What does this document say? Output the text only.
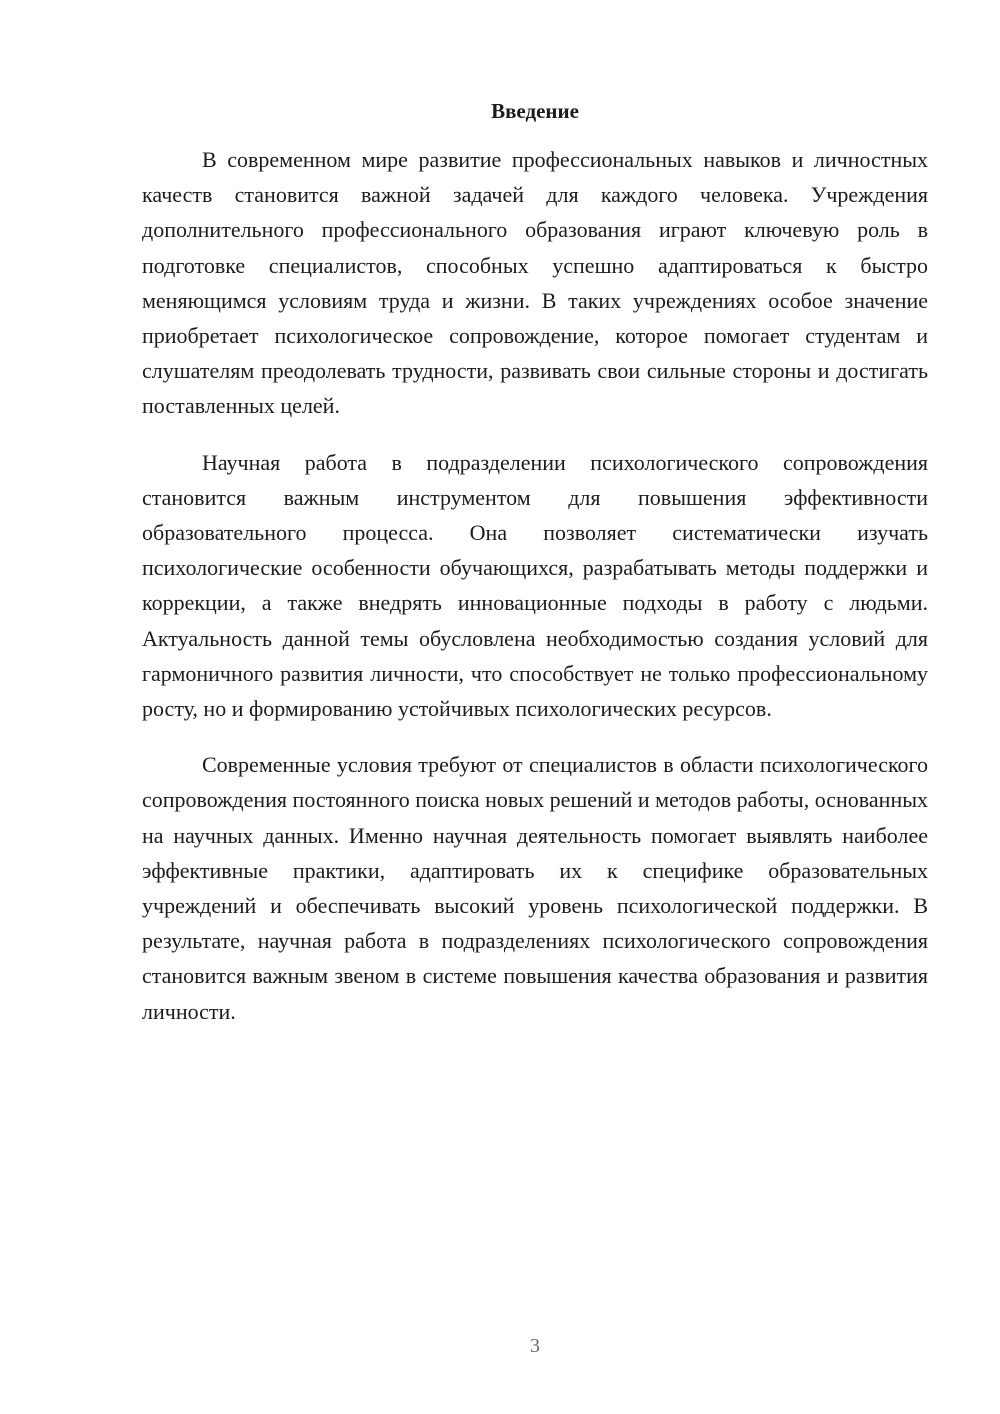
Введение

В современном мире развитие профессиональных навыков и личностных качеств становится важной задачей для каждого человека. Учреждения дополнительного профессионального образования играют ключевую роль в подготовке специалистов, способных успешно адаптироваться к быстро меняющимся условиям труда и жизни. В таких учреждениях особое значение приобретает психологическое сопровождение, которое помогает студентам и слушателям преодолевать трудности, развивать свои сильные стороны и достигать поставленных целей.

Научная работа в подразделении психологического сопровождения становится важным инструментом для повышения эффективности образовательного процесса. Она позволяет систематически изучать психологические особенности обучающихся, разрабатывать методы поддержки и коррекции, а также внедрять инновационные подходы в работу с людьми. Актуальность данной темы обусловлена необходимостью создания условий для гармоничного развития личности, что способствует не только профессиональному росту, но и формированию устойчивых психологических ресурсов.

Современные условия требуют от специалистов в области психологического сопровождения постоянного поиска новых решений и методов работы, основанных на научных данных. Именно научная деятельность помогает выявлять наиболее эффективные практики, адаптировать их к специфике образовательных учреждений и обеспечивать высокий уровень психологической поддержки. В результате, научная работа в подразделениях психологического сопровождения становится важным звеном в системе повышения качества образования и развития личности.

3
